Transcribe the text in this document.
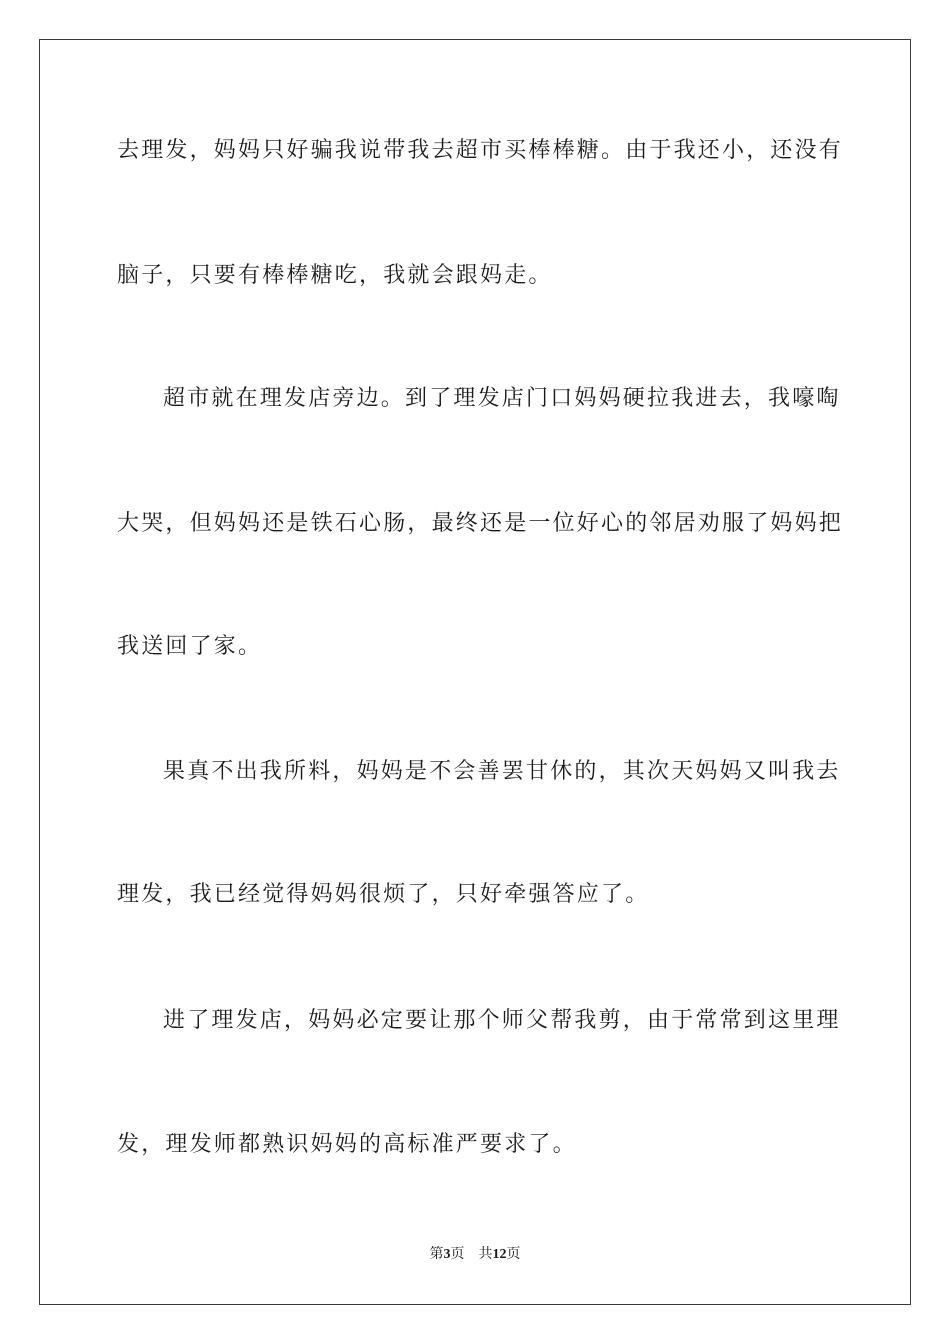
去理发，妈妈只好骗我说带我去超市买棒棒糖。由于我还小，还没有
脑子，只要有棒棒糖吃，我就会跟妈走。
超市就在理发店旁边。到了理发店门口妈妈硬拉我进去，我嚎啕
大哭，但妈妈还是铁石心肠，最终还是一位好心的邻居劝服了妈妈把
我送回了家。
果真不出我所料，妈妈是不会善罢甘休的，其次天妈妈又叫我去
理发，我已经觉得妈妈很烦了，只好牵强答应了。
进了理发店，妈妈必定要让那个师父帮我剪，由于常常到这里理
发，理发师都熟识妈妈的高标准严要求了。
第3页 共12页
